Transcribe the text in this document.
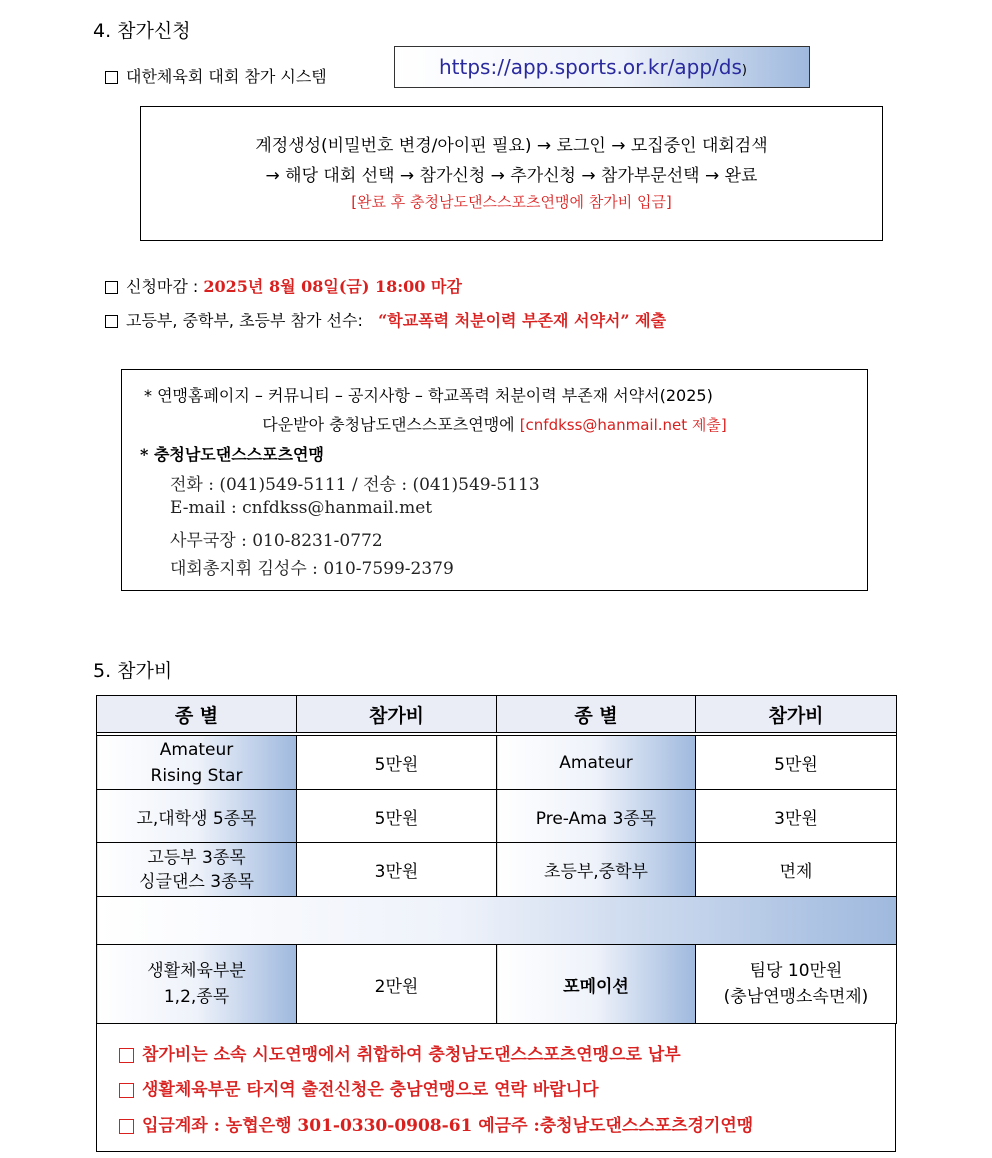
4. 참가신청
대한체육회 대회 참가 시스템	https://app.sports.or.kr/app/ds)
계정생성(비밀번호 변경/아이핀 필요) → 로그인 → 모집중인 대회검색
→ 해당 대회 선택 → 참가신청 → 추가신청 → 참가부문선택 → 완료
[완료 후 충청남도댄스스포츠연맹에 참가비 입금]
신청마감 : 2025년 8월 08일(금) 18:00 마감
고등부, 중학부, 초등부 참가 선수:   “학교폭력 처분이력 부존재 서약서” 제출
* 연맹홈페이지 – 커뮤니티 – 공지사항 – 학교폭력 처분이력 부존재 서약서(2025)
다운받아 충청남도댄스스포츠연맹에 [cnfdkss@hanmail.net 제출]
* 충청남도댄스스포츠연맹
전화 : (041)549-5111 / 전송 : (041)549-5113
E-mail : cnfdkss@hanmail.met
사무국장 : 010-8231-0772
대회총지휘 김성수 : 010-7599-2379
5. 참가비
종 별	참가비	종 별	참가비

Amateur
Rising Star	5만원	Amateur	5만원
고,대학생 5종목	5만원	Pre-Ama 3종목	3만원
고등부 3종목
싱글댄스 3종목	3만원	초등부,중학부	면제

생활체육부분
1,2,종목	2만원	포메이션	팀당 10만원
(충남연맹소속면제)
참가비는 소속 시도연맹에서 취합하여 충청남도댄스스포츠연맹으로 납부
생활체육부문 타지역 출전신청은 충남연맹으로 연락 바랍니다
입금계좌 : 농협은행 301-0330-0908-61 예금주 :충청남도댄스스포츠경기연맹
